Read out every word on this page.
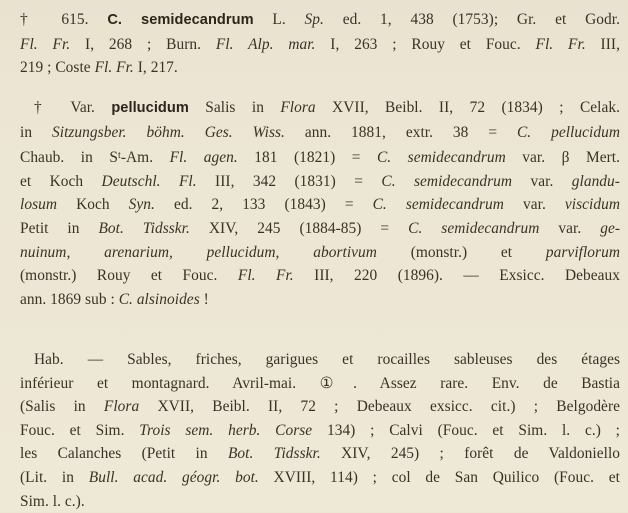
† 615. C. semidecandrum L. Sp. ed. 1, 438 (1753); Gr. et Godr.
Fl. Fr. I, 268 ; Burn. Fl. Alp. mar. I, 263 ; Rouy et Fouc. Fl. Fr. III,
219 ; Coste Fl. Fr. I, 217.

† Var. pellucidum Salis in Flora XVII, Beibl. II, 72 (1834) ; Celak.
in Sitzungsber. böhm. Ges. Wiss. ann. 1881, extr. 38 = C. pellucidum
Chaub. in $S^t-Am$. Fl. agen. 181 (1821) = C. semidecandrum var. β Mert.
et Koch Deutschl. Fl. III, 342 (1831) = C. semidecandrum var. glandu-
losum Koch Syn. ed. 2, 133 (1843) = C. semidecandrum var. viscidum
Petit in Bot. Tidsskr. XIV, 245 (1884-85) = C. semidecandrum var. ge-
nuinum, arenarium, pellucidum, abortivum (monstr.) et parviflorum
(monstr.) Rouy et Fouc. Fl. Fr. III, 220 (1896). — Exsicc. Debeaux
ann. 1869 sub : C. alsinoides !

Hab. — Sables, friches, garigues et rocailles sableuses des étages
inférieur et montagnard. Avril-mai. ①. Assez rare. Env. de Bastia
(Salis in Flora XVII, Beibl. II, 72 ; Debeaux exsicc. cit.) ; Belgodère
Fouc. et Sim. Trois sem. herb. Corse 134) ; Calvi (Fouc. et Sim. l. c.) ;
les Calanches (Petit in Bot. Tidsskr. XIV, 245) ; forêt de Valdoniello
(Lit. in Bull. acad. géogr. bot. XVIII, 114) ; col de San Quilico (Fouc. et
Sim. l. c.).
